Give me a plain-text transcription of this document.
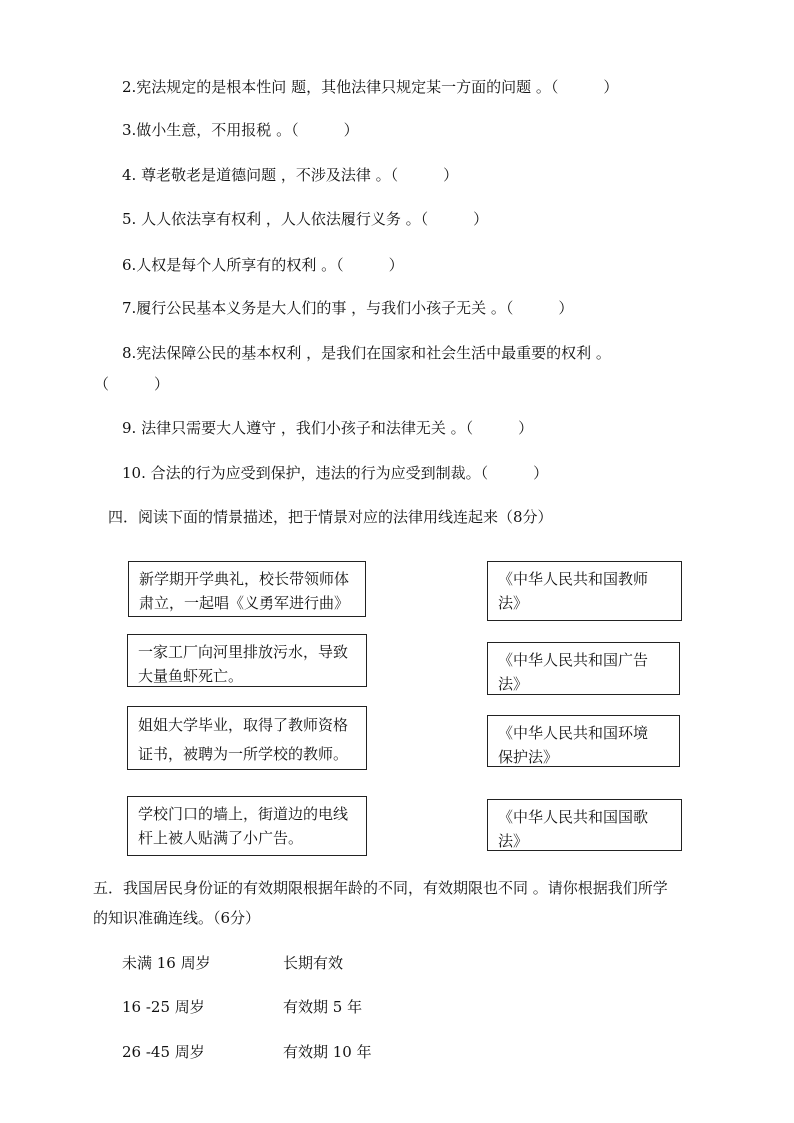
2.宪法规定的是根本性问 题，其他法律只规定某一方面的问题 。（　　　）
3.做小生意，不用报税 。（　　　）
4. 尊老敬老是道德问题 ，不涉及法律 。（　　　）
5. 人人依法享有权利 ，人人依法履行义务 。（　　　）
6.人权是每个人所享有的权利 。（　　　）
7.履行公民基本义务是大人们的事 ，与我们小孩子无关 。（　　　）
8.宪法保障公民的基本权利 ，是我们在国家和社会生活中最重要的权利 。
（　　　）
9. 法律只需要大人遵守 ，我们小孩子和法律无关 。（　　　）
10. 合法的行为应受到保护，违法的行为应受到制裁。（　　　）
四．阅读下面的情景描述，把于情景对应的法律用线连起来（8分）
新学期开学典礼，校长带领师体
肃立，一起唱《义勇军进行曲》
一家工厂向河里排放污水，导致
大量鱼虾死亡。
姐姐大学毕业，取得了教师资格
证书，被聘为一所学校的教师。
学校门口的墙上，街道边的电线
杆上被人贴满了小广告。
《中华人民共和国教师
法》
《中华人民共和国广告
法》
《中华人民共和国环境
保护法》
《中华人民共和国国歌
法》
五．我国居民身份证的有效期限根据年龄的不同，有效期限也不同 。请你根据我们所学
的知识准确连线。（6分）
未满 16 周岁	长期有效
16 -25 周岁	有效期 5 年
26 -45 周岁	有效期 10 年
